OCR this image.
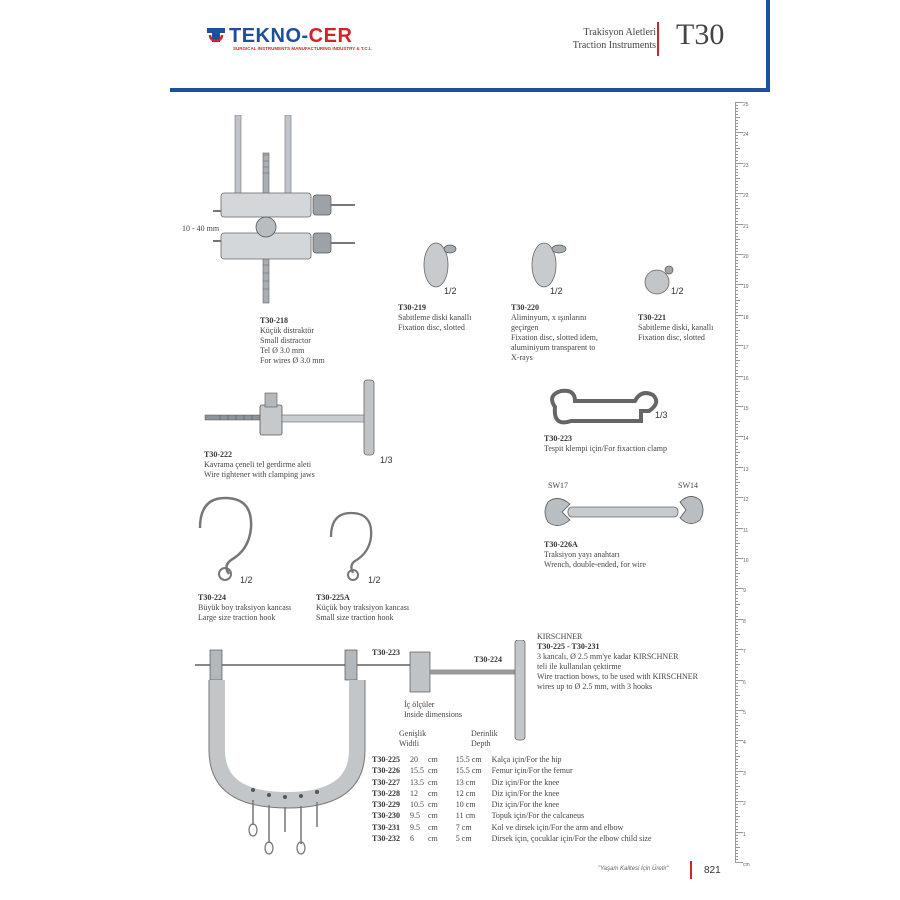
TEKNO-CER
SURGICAL INSTRUMENTS MANUFACTURING INDUSTRY & T.C.L
Trakisyon Aletleri
Traction Instruments T30
25
24
23
22
21
20
19
18
17
16
15
14
13
12
11
10
9
8
7
6
5
4
3
2
1
cm
10 - 40 mm
T30-218
Küçük distraktör
Small distractor
Tel Ø 3.0 mm
For wires Ø 3.0 mm
1/2
T30-219
Sabitleme diski kanallı
Fixation disc, slotted
1/2
T30-220
Aliminyum, x ışınlarını
geçirgen
Fixation disc, slotted idem,
aluminiyum transparent to
X-rays
1/2
T30-221
Sabitleme diski, kanallı
Fixation disc, slotted
1/3
T30-222
Kavrama çeneli tel gerdirme aleti
Wire tightener with clamping jaws
1/3
T30-223
Tespit klempi için/For fixaction clamp
SW17	SW14
T30-226A
Traksiyon yayı anahtarı
Wrench, double-ended, for wire
1/2
T30-224
Büyük boy traksiyon kancası
Large size traction hook
1/2
T30-225A
Küçük boy traksiyon kancası
Small size traction hook
T30-223
T30-224
KIRSCHNER
T30-225 - T30-231
3 kancalı, Ø 2.5 mm'ye kadar KIRSCHNER
teli ile kullanılan çektirme
Wire traction bows, to be used with KIRSCHNER
wires up to Ø 2.5 mm, with 3 hooks
İç ölçüler
Inside dimensions
Genişlik
Widtli
Derinlik
Depth
T30-225	20	cm	15.5 cm	Kalça için/For the hip
T30-226	15.5	cm	15.5 cm	Femur için/For the femur
T30-227	13.5	cm	13 cm	Diz için/For the knee
T30-228	12	cm	12 cm	Diz için/For the knee
T30-229	10.5	cm	10 cm	Diz için/For the knee
T30-230	9.5	cm	11 cm	Topuk için/For the calcaneus
T30-231	9.5	cm	7 cm	Kol ve dirsek için/For the arm and elbow
T30-232	6	cm	5 cm	Dirsek için, çocuklar için/For the elbow child size
"Yaşam Kalitesi İçin Üretir"	821
